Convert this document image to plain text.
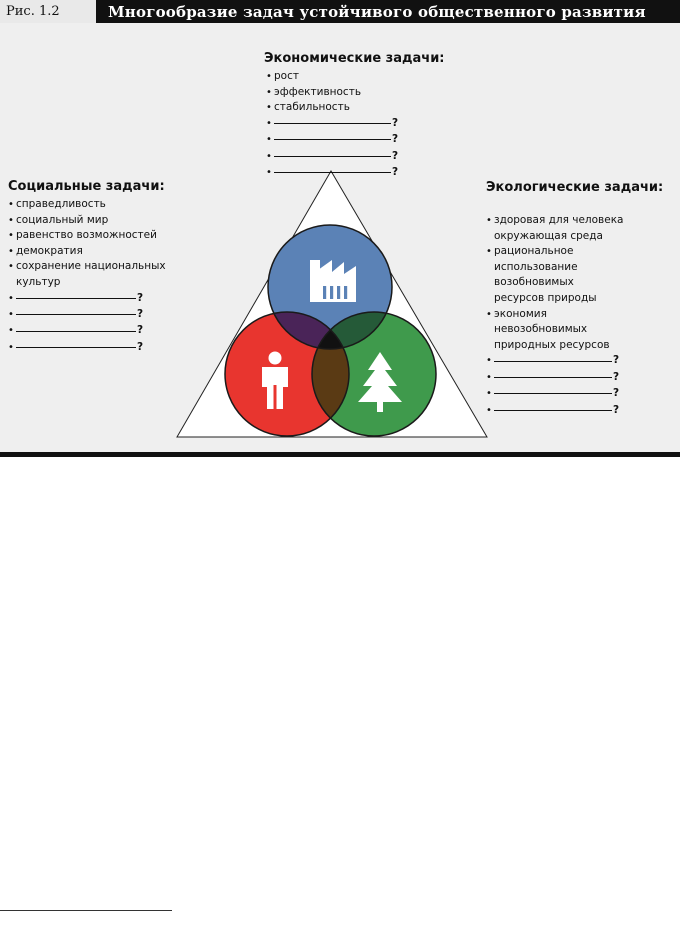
Рис. 1.2	Многообразие задач устойчивого общественного развития
Экономические задачи:
• рост
• эффективность
• стабильность
• ?
• ?
• ?
• ?
Социальные задачи:
• справедливость
• социальный мир
• равенство возможностей
• демократия
• сохранение национальных культур
• ?
• ?
• ?
• ?
Экологические задачи:
• здоровая для человека окружающая среда
• рациональное использование возобновимых ресурсов природы
• экономия невозобновимых природных ресурсов
• ?
• ?
• ?
• ?
